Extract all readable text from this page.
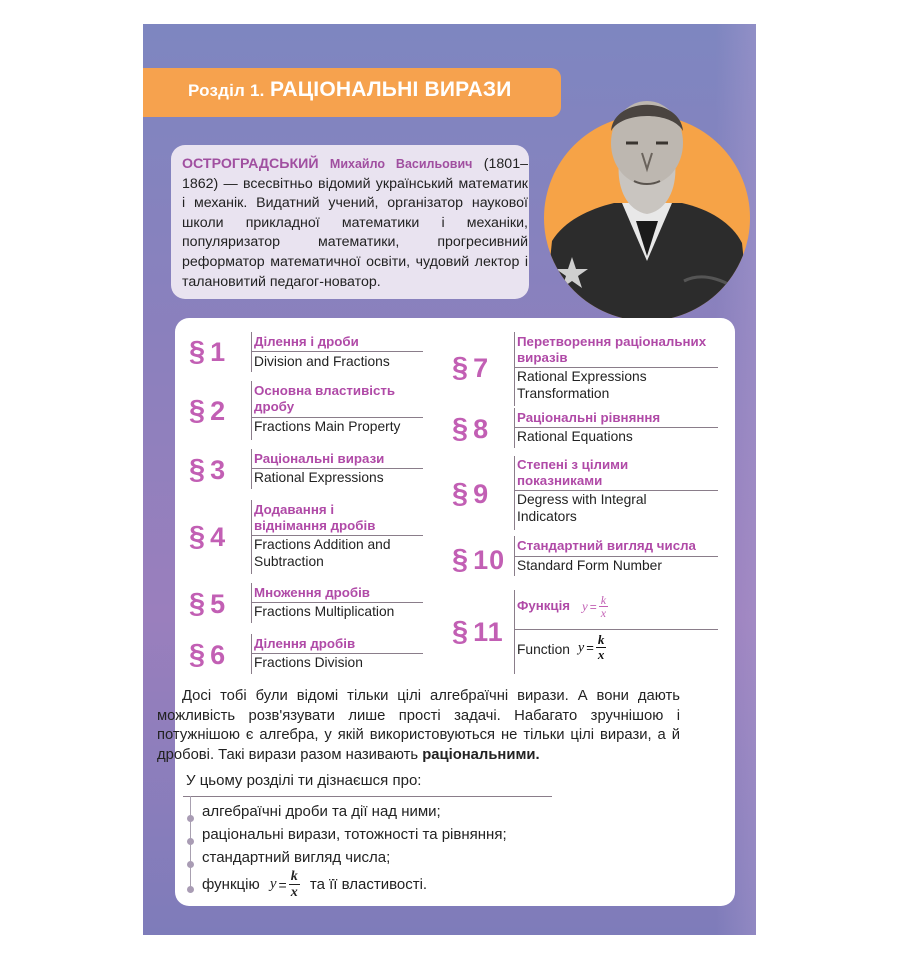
Розділ 1. РАЦІОНАЛЬНІ ВИРАЗИ
ОСТРОГРАДСЬКИЙ Михайло Васильович (1801–1862) — всесвітньо відомий український математик і механік. Видатний учений, організатор наукової школи прикладної математики і механіки, популяризатор математики, прогресивний реформатор математичної освіти, чудовий лектор і талановитий педагог-новатор.
§ 1 Ділення і дроби
Division and Fractions
§ 2
Основна властивість дробу
Fractions Main Property
§ 3 Раціональні вирази
Rational Expressions
§ 4
Додавання і віднімання дробів
Fractions Addition and Subtraction
§ 5 Множення дробів
Fractions Multiplication
§ 6 Ділення дробів
Fractions Division
§ 7
Перетворення раціональних виразів
Rational Expressions Transformation
§ 8 Раціональні рівняння
Rational Equations
§ 9
Степені з цілими показниками
Degress with Integral Indicators
§ 10 Стандартний вигляд числа
Standard Form Number
§ 11
Функція $y = \frac{k}{x}$
Function $y = \frac{k}{x}$
Досі тобі були відомі тільки цілі алгебраїчні вирази. А вони дають можливість розв'язувати лише прості задачі. Набагато зручнішою і потужнішою є алгебра, у якій використовуються не тільки цілі вирази, а й дробові. Такі вирази разом називають раціональними.
У цьому розділі ти дізнаєшся про:
алгебраїчні дроби та дії над ними;
раціональні вирази, тотожності та рівняння;
стандартний вигляд числа;
функцію $y = \frac{k}{x}$ та її властивості.
